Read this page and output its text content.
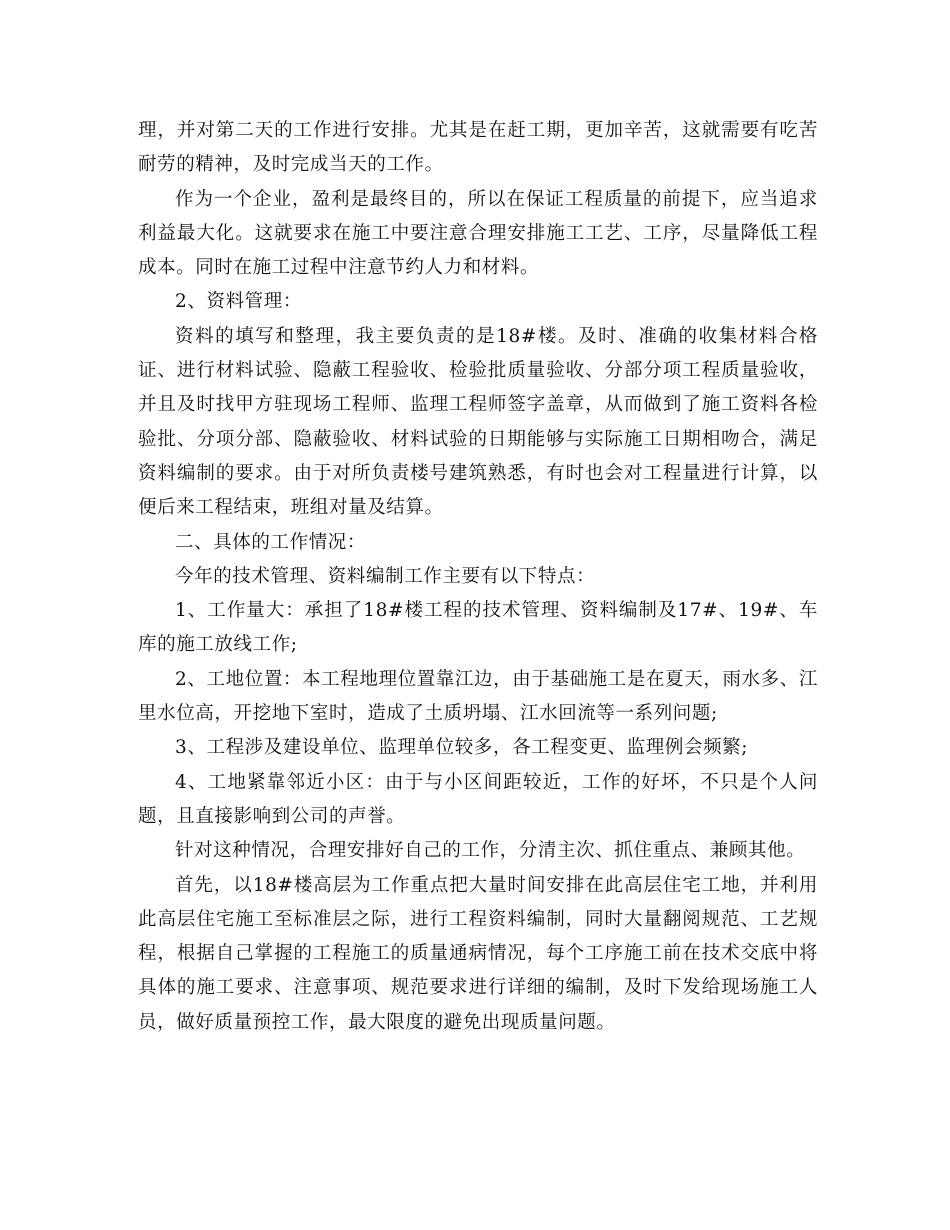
理，并对第二天的工作进行安排。尤其是在赶工期，更加辛苦，这就需要有吃苦耐劳的精神，及时完成当天的工作。

作为一个企业，盈利是最终目的，所以在保证工程质量的前提下，应当追求利益最大化。这就要求在施工中要注意合理安排施工工艺、工序，尽量降低工程成本。同时在施工过程中注意节约人力和材料。

2、资料管理：

资料的填写和整理，我主要负责的是18#楼。及时、准确的收集材料合格证、进行材料试验、隐蔽工程验收、检验批质量验收、分部分项工程质量验收，并且及时找甲方驻现场工程师、监理工程师签字盖章，从而做到了施工资料各检验批、分项分部、隐蔽验收、材料试验的日期能够与实际施工日期相吻合，满足资料编制的要求。由于对所负责楼号建筑熟悉，有时也会对工程量进行计算，以便后来工程结束，班组对量及结算。

二、具体的工作情况：

今年的技术管理、资料编制工作主要有以下特点：

1、工作量大：承担了18#楼工程的技术管理、资料编制及17#、19#、车库的施工放线工作;

2、工地位置：本工程地理位置靠江边，由于基础施工是在夏天，雨水多、江里水位高，开挖地下室时，造成了土质坍塌、江水回流等一系列问题;

3、工程涉及建设单位、监理单位较多，各工程变更、监理例会频繁;

4、工地紧靠邻近小区：由于与小区间距较近，工作的好坏，不只是个人问题，且直接影响到公司的声誉。

针对这种情况，合理安排好自己的工作，分清主次、抓住重点、兼顾其他。

首先，以18#楼高层为工作重点把大量时间安排在此高层住宅工地，并利用此高层住宅施工至标准层之际，进行工程资料编制，同时大量翻阅规范、工艺规程，根据自己掌握的工程施工的质量通病情况，每个工序施工前在技术交底中将具体的施工要求、注意事项、规范要求进行详细的编制，及时下发给现场施工人员，做好质量预控工作，最大限度的避免出现质量问题。
